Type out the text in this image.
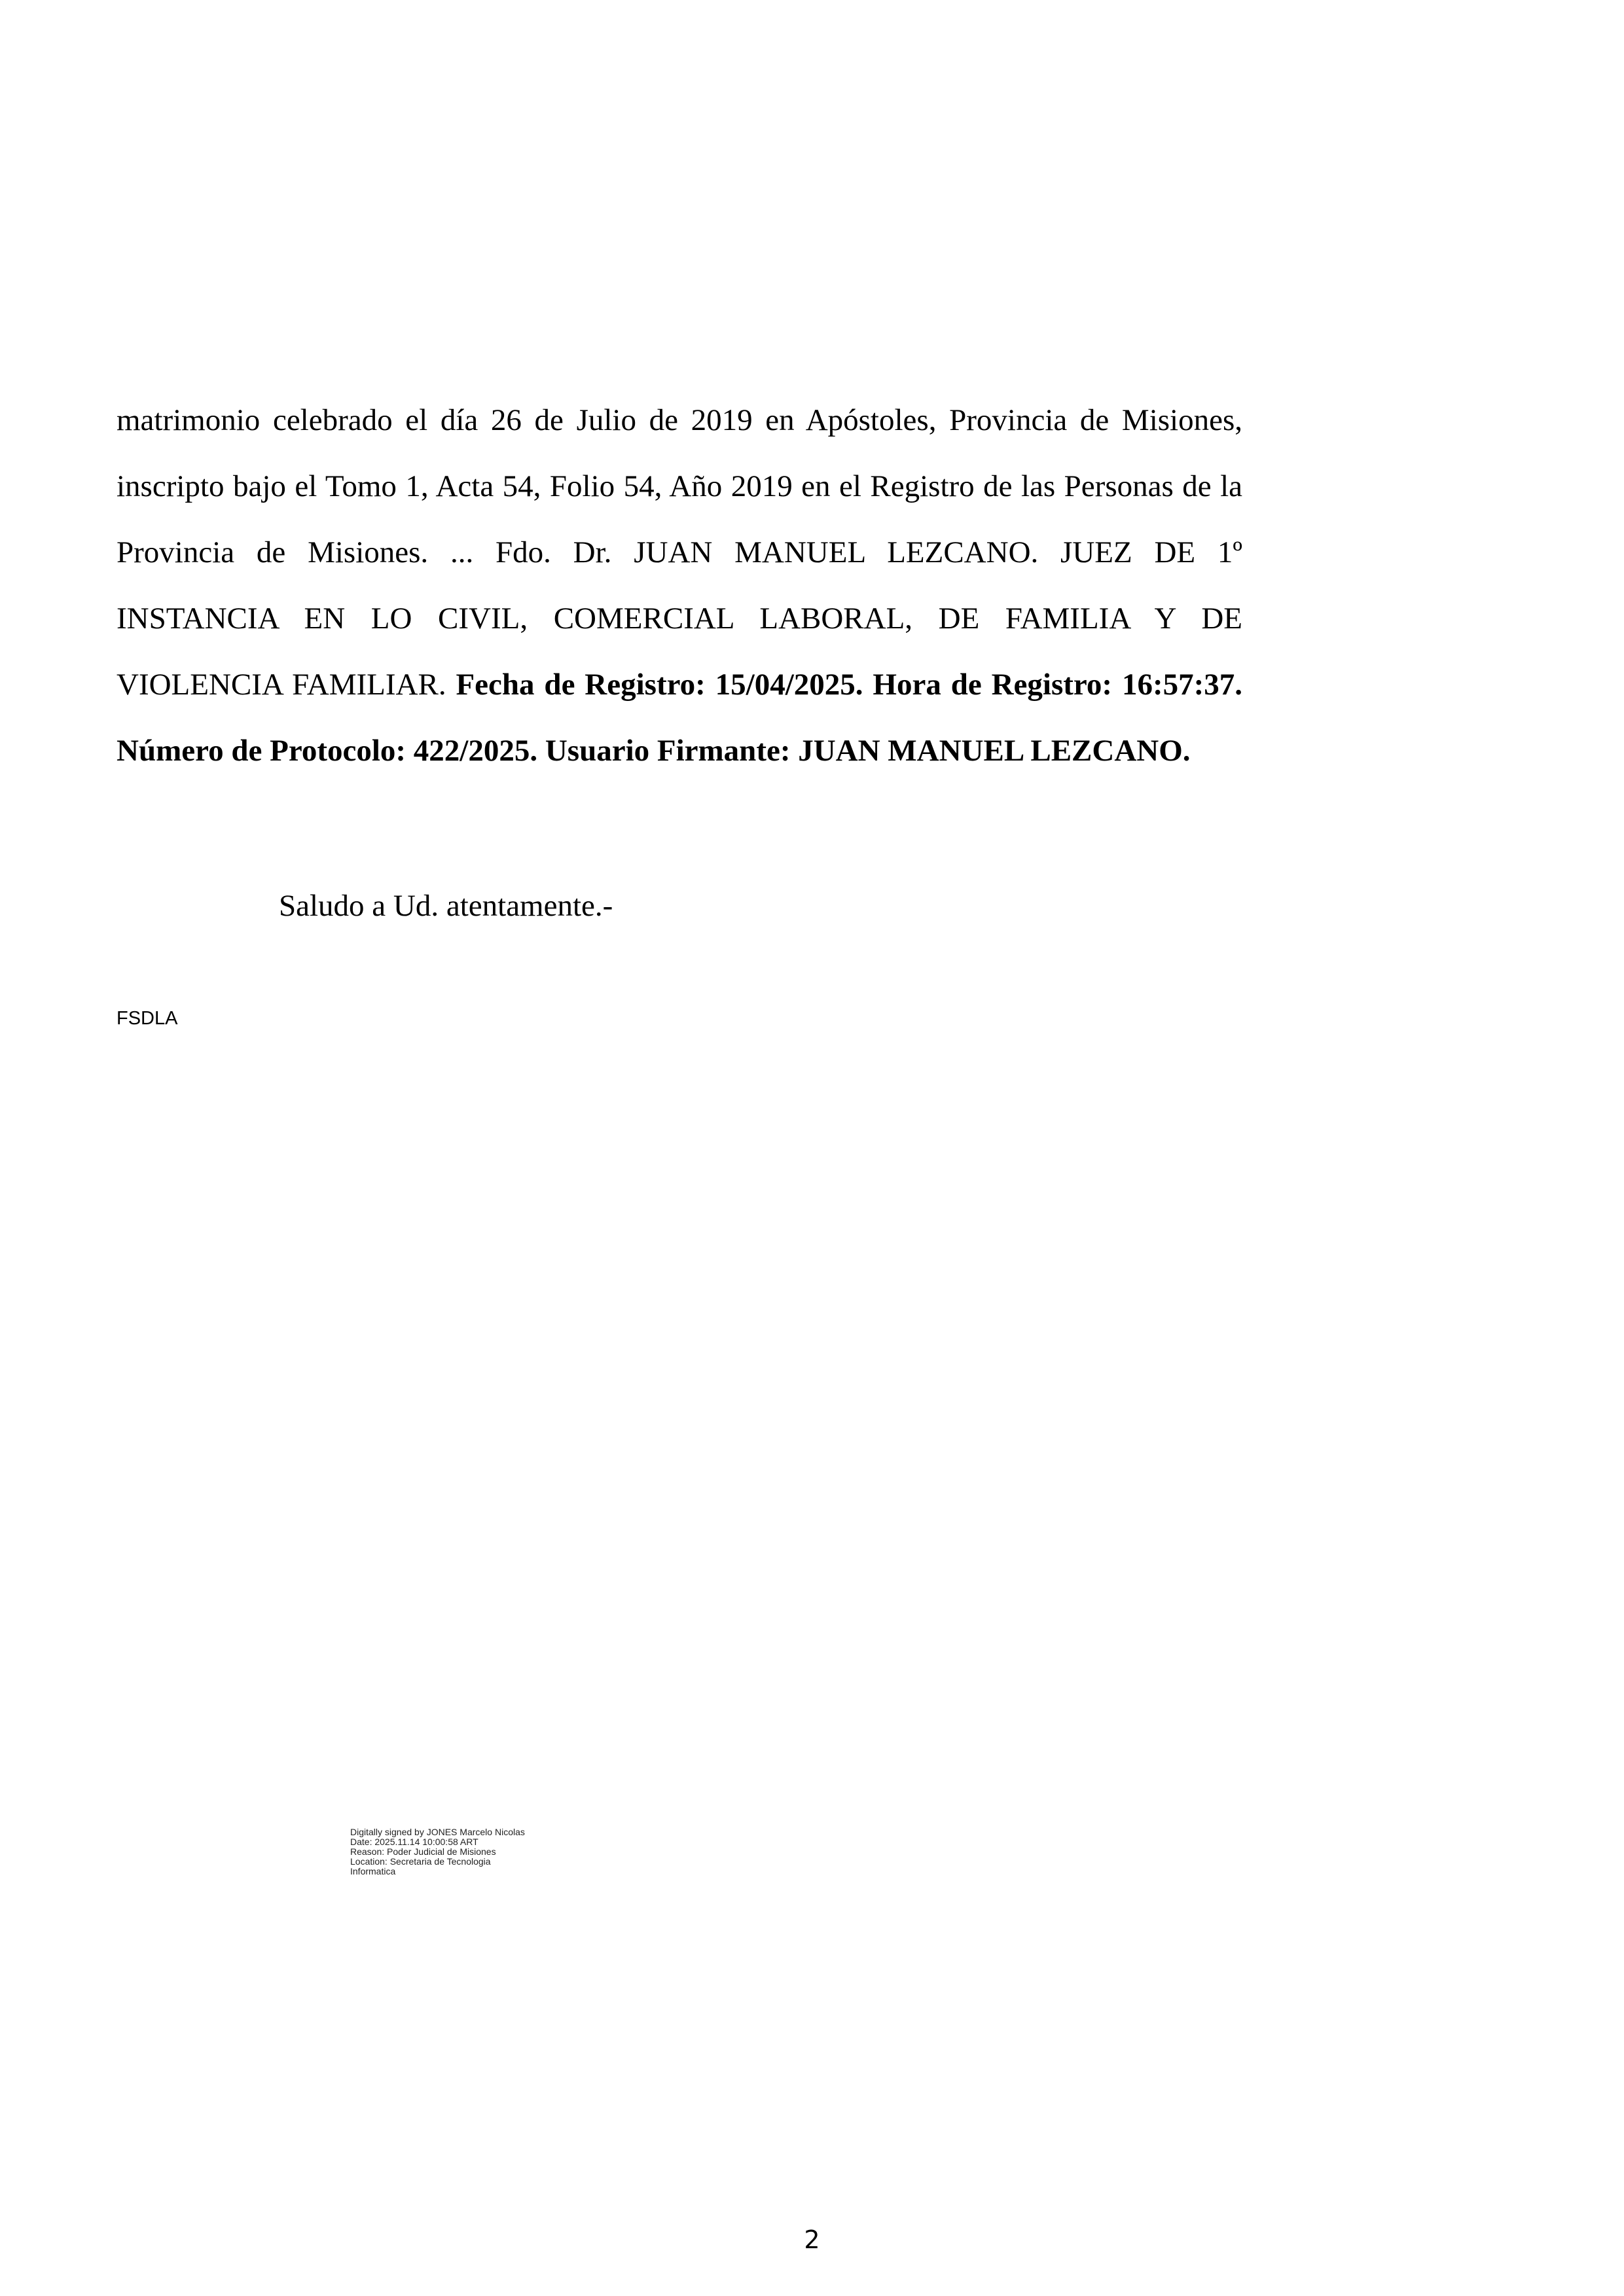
matrimonio celebrado el día 26 de Julio de 2019 en Apóstoles, Provincia de Misiones, inscripto bajo el Tomo 1, Acta 54, Folio 54, Año 2019 en el Registro de las Personas de la Provincia de Misiones. ... Fdo. Dr. JUAN MANUEL LEZCANO. JUEZ DE 1º INSTANCIA EN LO CIVIL, COMERCIAL LABORAL, DE FAMILIA Y DE VIOLENCIA FAMILIAR. Fecha de Registro: 15/04/2025. Hora de Registro: 16:57:37. Número de Protocolo: 422/2025. Usuario Firmante: JUAN MANUEL LEZCANO.

Saludo a Ud. atentamente.-

FSDLA

Digitally signed by JONES Marcelo Nicolas
Date: 2025.11.14 10:00:58 ART
Reason: Poder Judicial de Misiones
Location: Secretaria de Tecnologia
Informatica

2
